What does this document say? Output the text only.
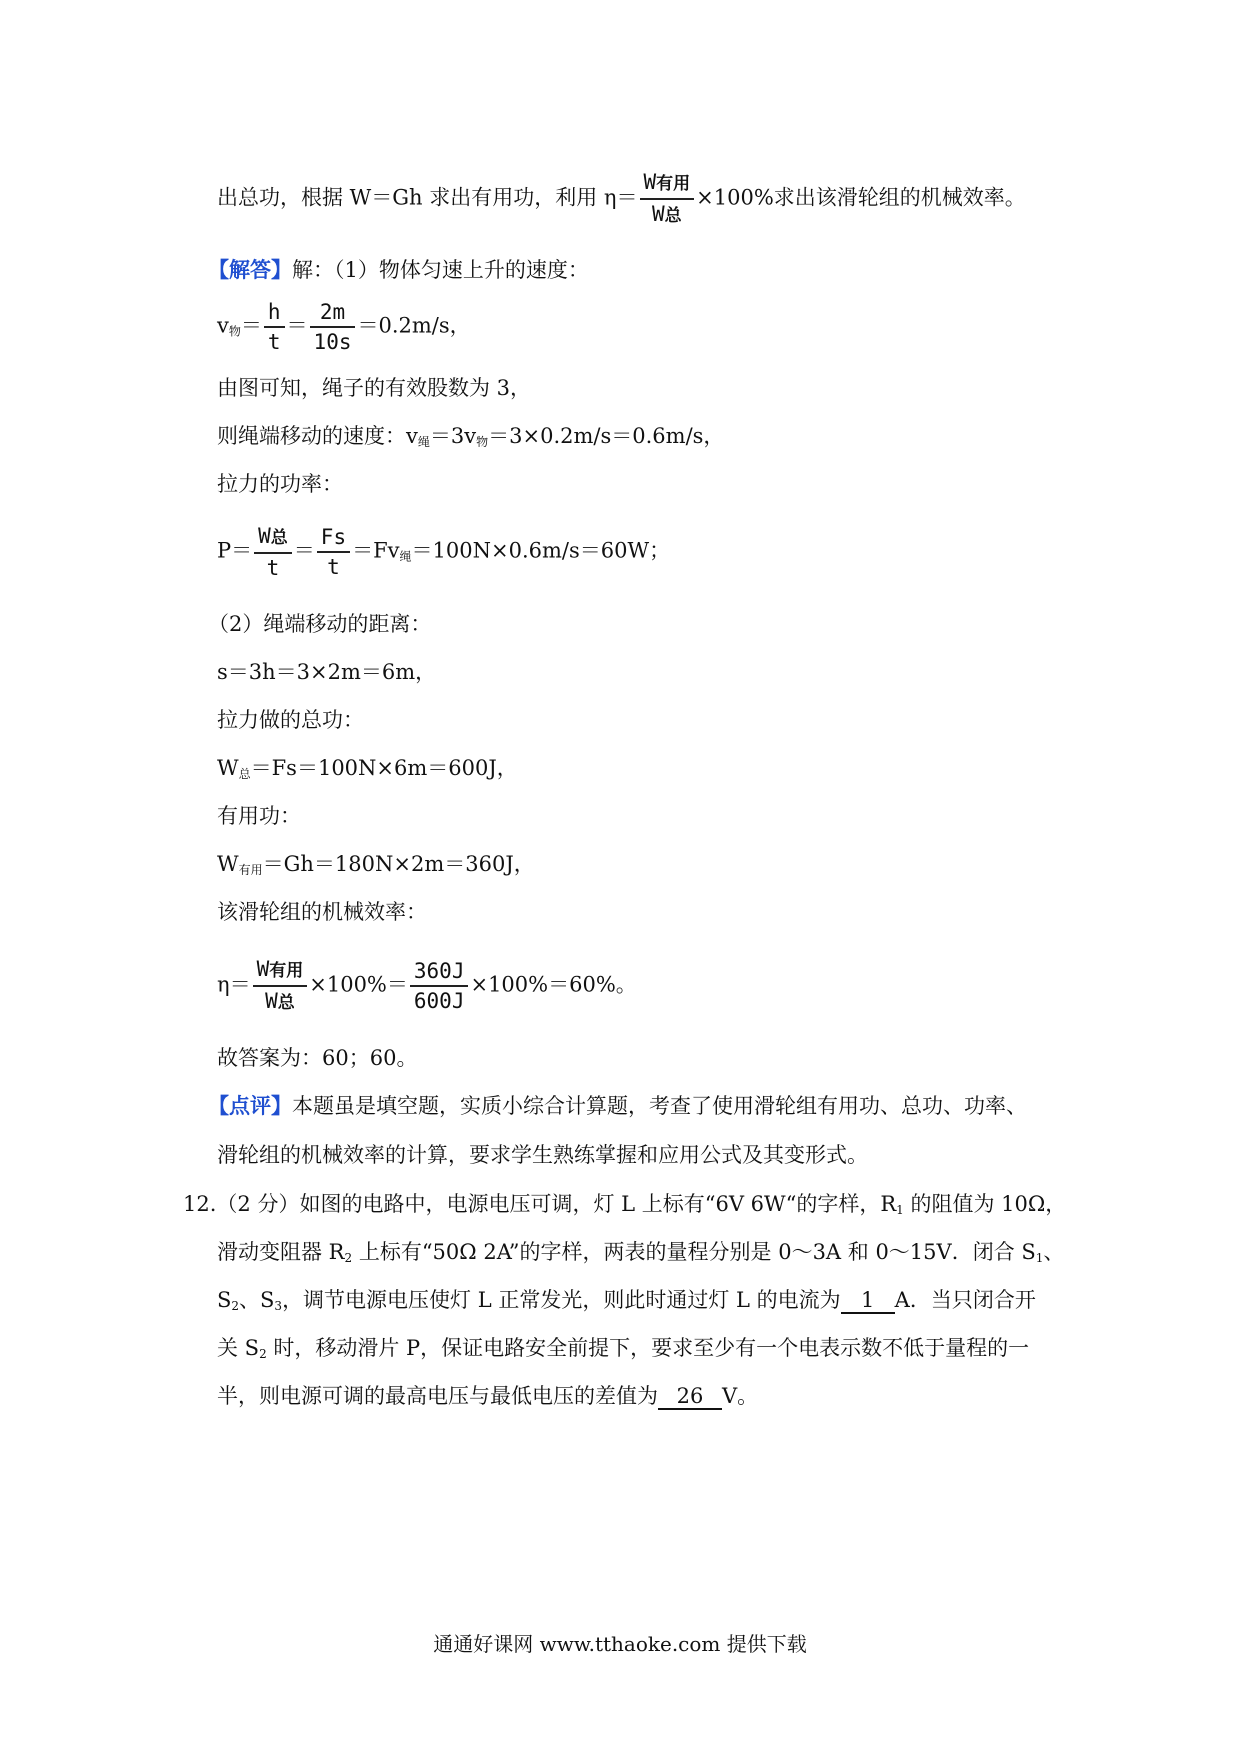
出总功，根据 W＝Gh 求出有用功，利用 $\eta= \frac{\text{W有用}}{\text{W总}} \times 100\%$求出该滑轮组的机械效率。
【解答】解：（1）物体匀速上升的速度：
v物＝ $\frac{h}{t} = \frac{2m}{10s} =0.2m/s$，
由图可知，绳子的有效股数为 3，
则绳端移动的速度：v绳＝3v物＝3×0.2m/s＝0.6m/s，
拉力的功率：
$P= \frac{\text{W总}}{t} = \frac{Fs}{t} =Fv$绳＝100N×0.6m/s＝60W；
（2）绳端移动的距离：
s＝3h＝3×2m＝6m，
拉力做的总功：
W总＝Fs＝100N×6m＝600J，
有用功：
W有用＝Gh＝180N×2m＝360J，
该滑轮组的机械效率：
$\eta= \frac{\text{W有用}}{\text{W总}} \times 100\%= \frac{360J}{600J} \times 100\%=60\%$。
故答案为：60；60。
【点评】本题虽是填空题，实质小综合计算题，考查了使用滑轮组有用功、总功、功率、
滑轮组的机械效率的计算，要求学生熟练掌握和应用公式及其变形式。
12.（2 分）如图的电路中，电源电压可调，灯 L 上标有“6V 6W“的字样，R1 的阻值为 10Ω，
滑动变阻器 R2 上标有“50Ω 2A”的字样，两表的量程分别是 0～3A 和 0～15V．闭合 S1、
S2、S3，调节电源电压使灯 L 正常发光，则此时通过灯 L 的电流为 1 A．当只闭合开
关 S2 时，移动滑片 P，保证电路安全前提下，要求至少有一个电表示数不低于量程的一
半，则电源可调的最高电压与最低电压的差值为 26 V。
通通好课网 www.tthaoke.com 提供下载
